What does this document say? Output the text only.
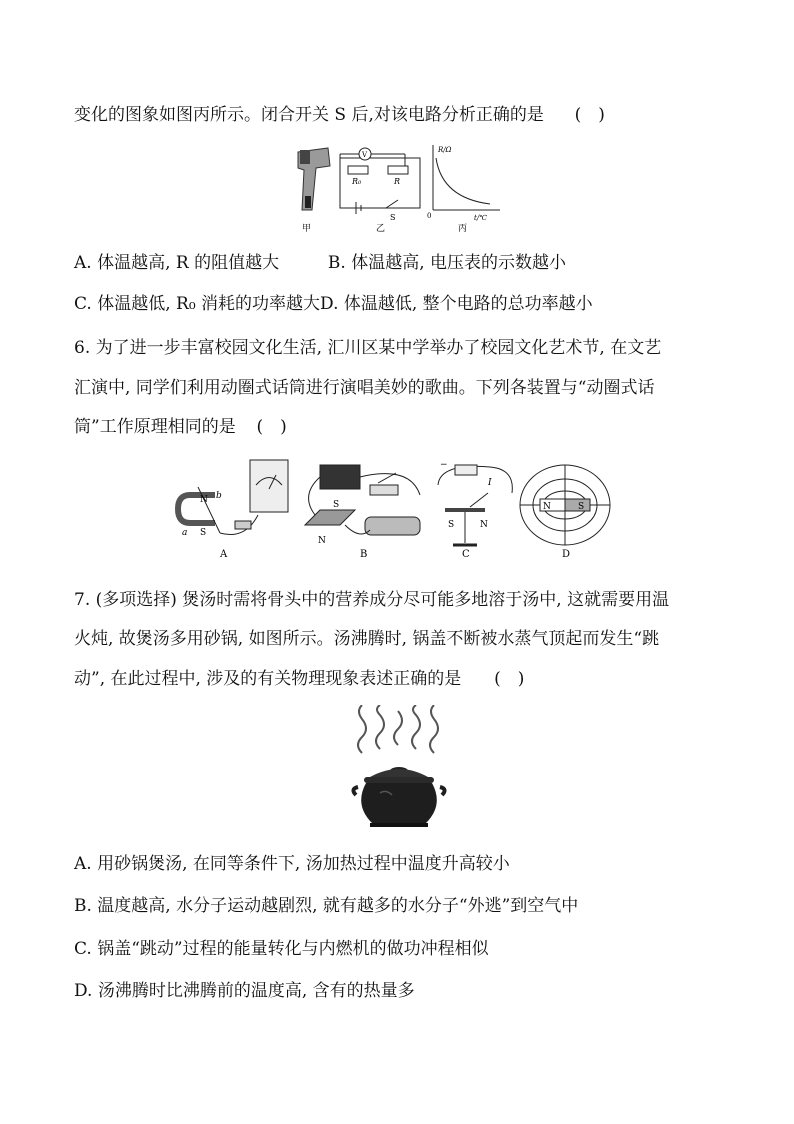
变化的图象如图丙所示。闭合开关 S 后,对该电路分析正确的是 (　)
甲
V
R₀	R
S
乙
R/Ω
t/℃
0
丙
A. 体温越高, R 的阻值越大	B. 体温越高, 电压表的示数越小
C. 体温越低, R₀ 消耗的功率越大D. 体温越低, 整个电路的总功率越小
6. 为了进一步丰富校园文化生活, 汇川区某中学举办了校园文化艺术节, 在文艺
汇演中, 同学们利用动圈式话筒进行演唱美妙的歌曲。下列各装置与“动圈式话
筒”工作原理相同的是 (　)
N b
a S
A
N
S
B
−
I
S	N
C
N	S
D
7. (多项选择) 煲汤时需将骨头中的营养成分尽可能多地溶于汤中, 这就需要用温
火炖, 故煲汤多用砂锅, 如图所示。汤沸腾时, 锅盖不断被水蒸气顶起而发生“跳
动”, 在此过程中, 涉及的有关物理现象表述正确的是 (　)
A. 用砂锅煲汤, 在同等条件下, 汤加热过程中温度升高较小
B. 温度越高, 水分子运动越剧烈, 就有越多的水分子“外逃”到空气中
C. 锅盖“跳动”过程的能量转化与内燃机的做功冲程相似
D. 汤沸腾时比沸腾前的温度高, 含有的热量多
